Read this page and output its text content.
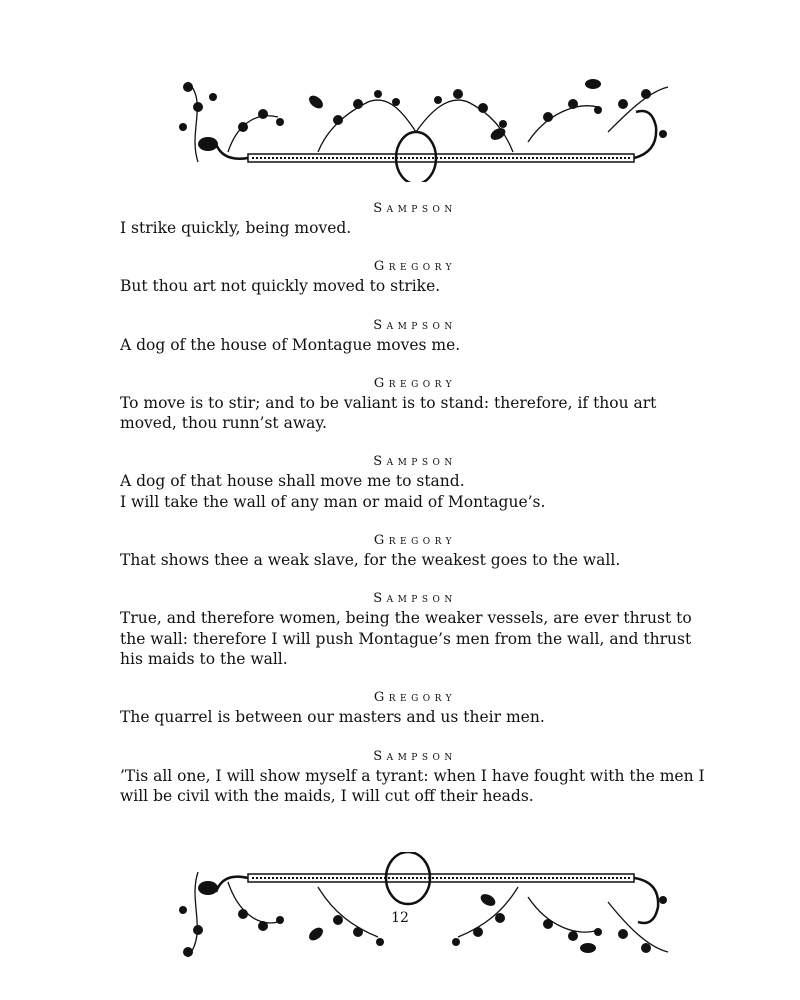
Sampson
I strike quickly, being moved.
Gregory
But thou art not quickly moved to strike.
Sampson
A dog of the house of Montague moves me.
Gregory
To move is to stir; and to be valiant is to stand: therefore, if thou art moved, thou runn’st away.
Sampson
A dog of that house shall move me to stand.
I will take the wall of any man or maid of Montague’s.
Gregory
That shows thee a weak slave, for the weakest goes to the wall.
Sampson
True, and therefore women, being the weaker vessels, are ever thrust to the wall: therefore I will push Montague’s men from the wall, and thrust his maids to the wall.
Gregory
The quarrel is between our masters and us their men.
Sampson
’Tis all one, I will show myself a tyrant: when I have fought with the men I will be civil with the maids, I will cut off their heads.
12
